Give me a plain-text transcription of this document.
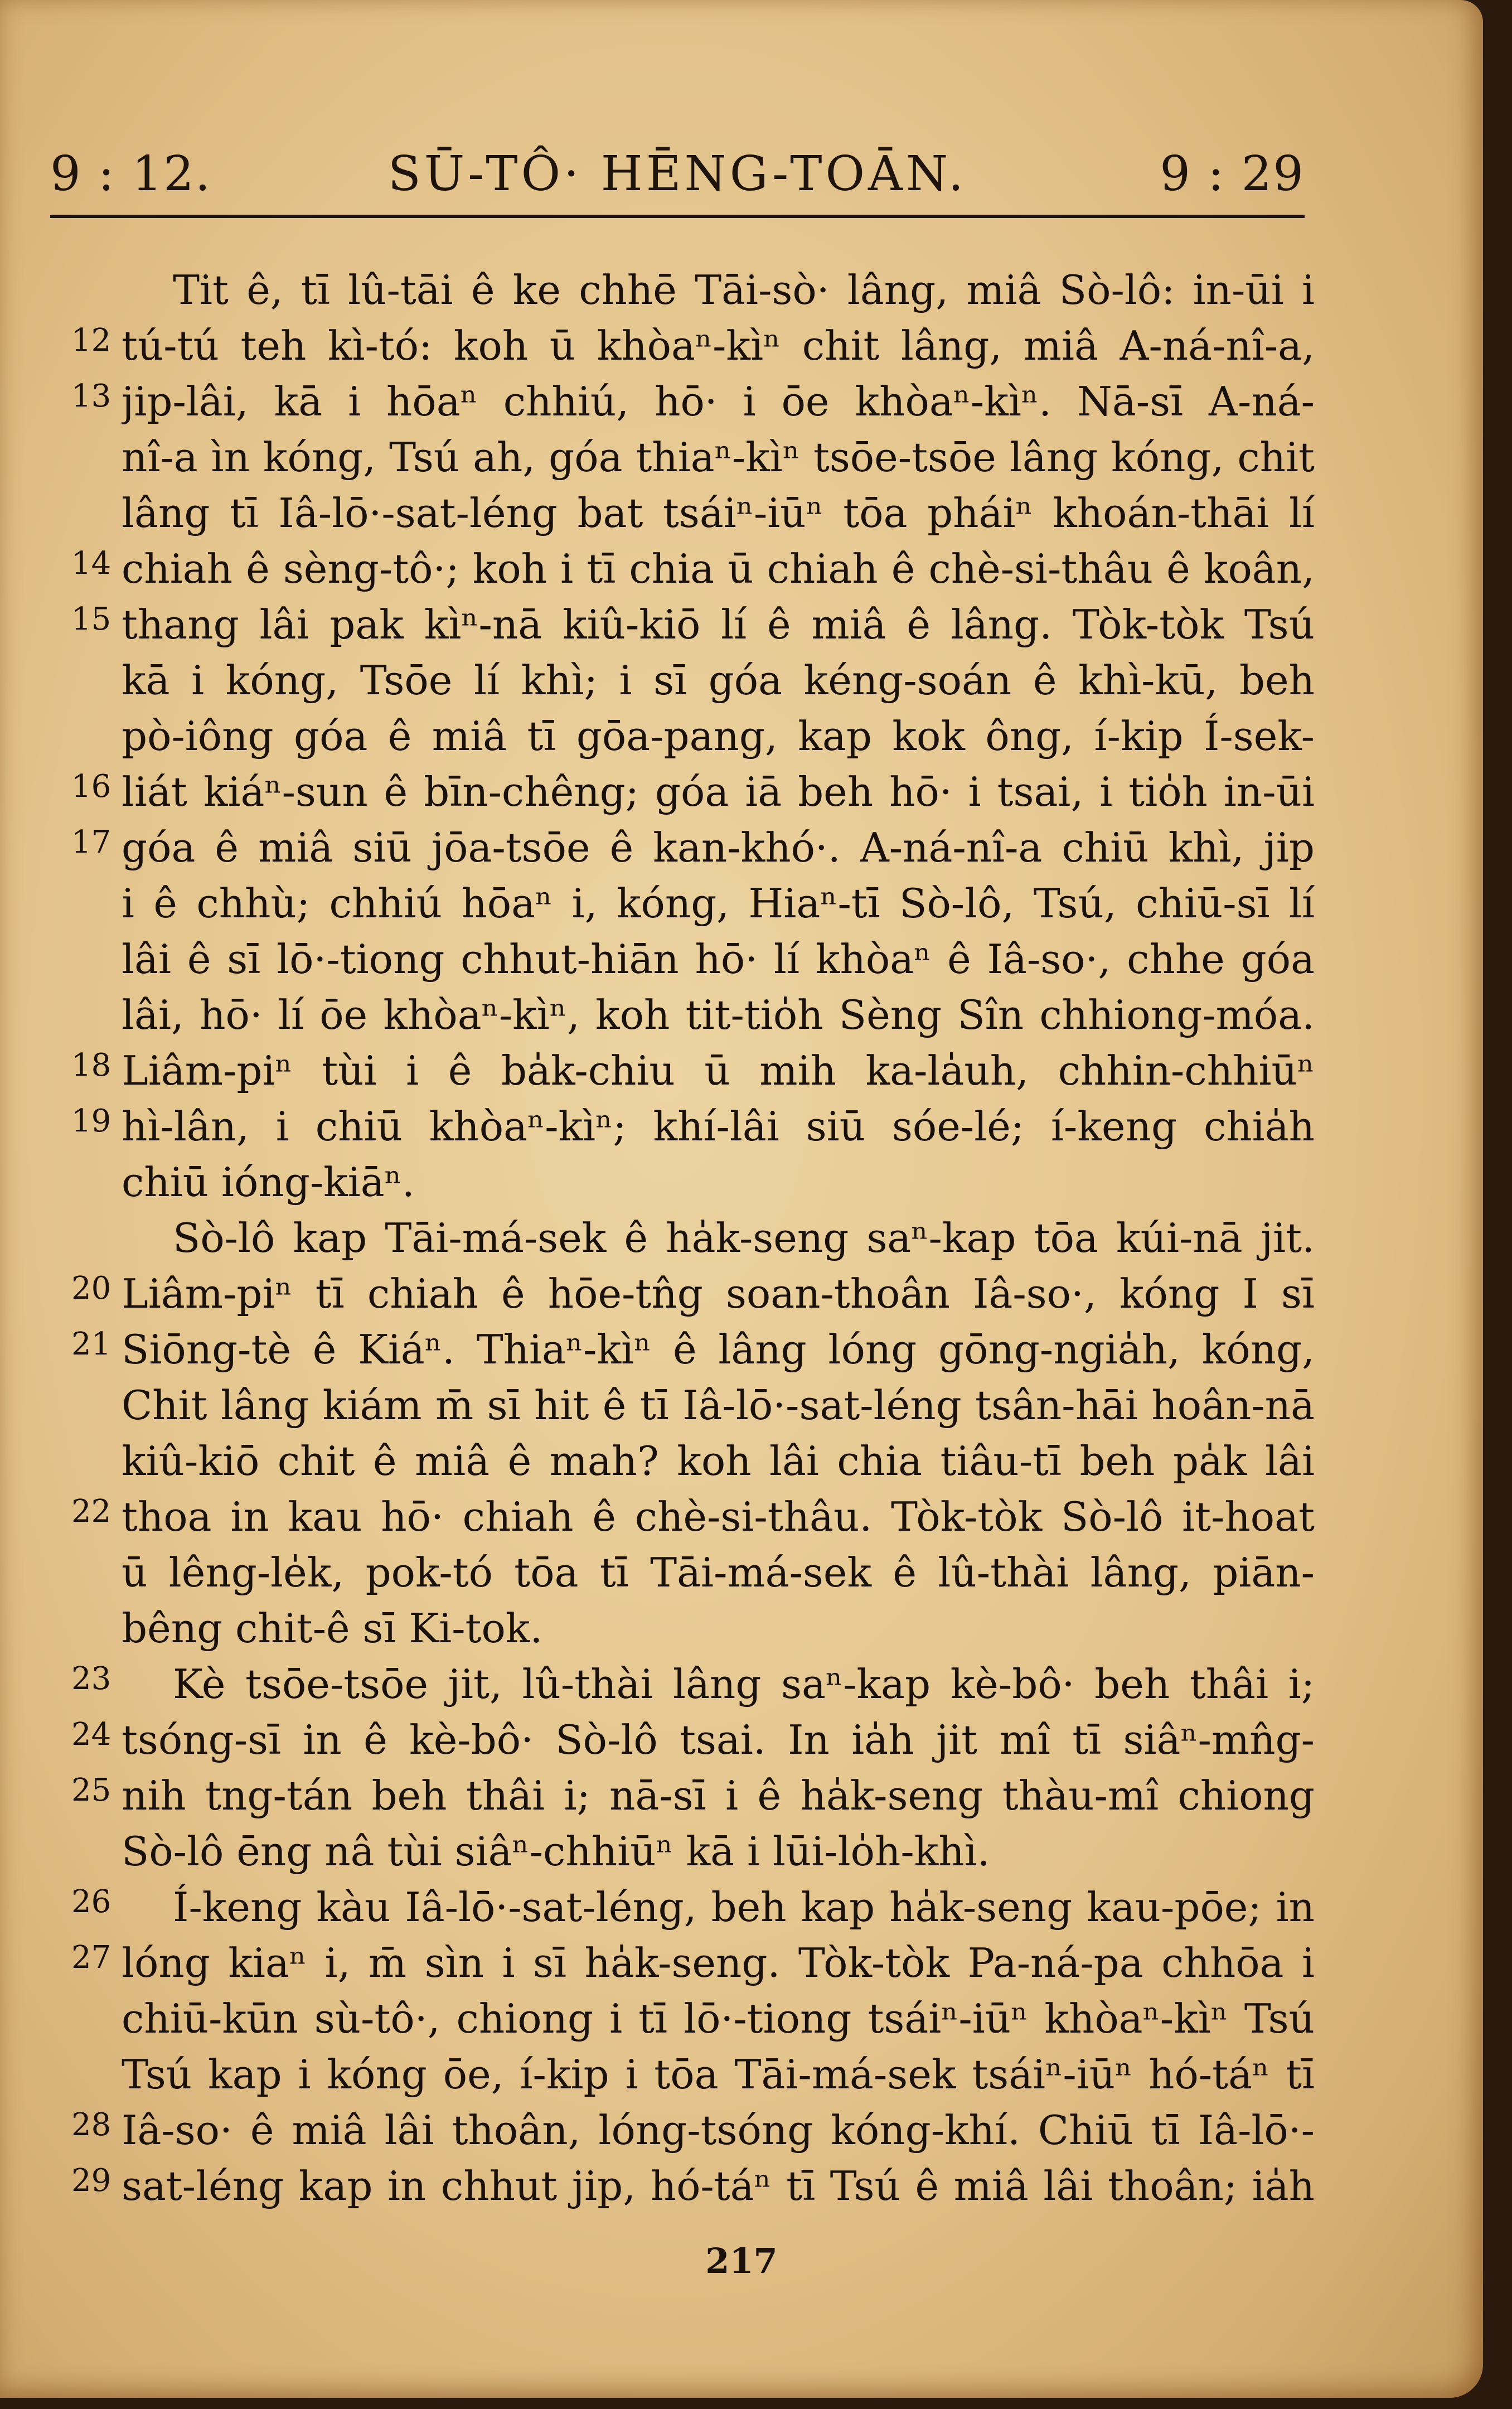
9 : 12.	SŪ-TÔ· HĒNG-TOĀN.	9 : 29
Tit ê, tī lû-tāi ê ke chhē Tāi-sò· lâng, miâ Sò-lô: in-ūi i
12 tú-tú teh kì-tó: koh ū khòaⁿ-kìⁿ chit lâng, miâ A-ná-nî-a,
13 jip-lâi, kā i hōaⁿ chhiú, hō· i ōe khòaⁿ-kìⁿ. Nā-sī A-ná-
nî-a ìn kóng, Tsú ah, góa thiaⁿ-kìⁿ tsōe-tsōe lâng kóng, chit
lâng tī Iâ-lō·-sat-léng bat tsáiⁿ-iūⁿ tōa pháiⁿ khoán-thāi lí
14 chiah ê sèng-tô·; koh i tī chia ū chiah ê chè-si-thâu ê koân,
15 thang lâi pak kìⁿ-nā kiû-kiō lí ê miâ ê lâng. Tòk-tòk Tsú
kā i kóng, Tsōe lí khì; i sī góa kéng-soán ê khì-kū, beh
pò-iông góa ê miâ tī gōa-pang, kap kok ông, í-kip Í-sek-
16 liát kiáⁿ-sun ê bīn-chêng; góa iā beh hō· i tsai, i tio̍h in-ūi
17 góa ê miâ siū jōa-tsōe ê kan-khó·. A-ná-nî-a chiū khì, jip
i ê chhù; chhiú hōaⁿ i, kóng, Hiaⁿ-tī Sò-lô, Tsú, chiū-sī lí
lâi ê sī lō·-tiong chhut-hiān hō· lí khòaⁿ ê Iâ-so·, chhe góa
lâi, hō· lí ōe khòaⁿ-kìⁿ, koh tit-tio̍h Sèng Sîn chhiong-móa.
18 Liâm-piⁿ tùi i ê ba̍k-chiu ū mih ka-la̍uh, chhin-chhiūⁿ
19 hì-lân, i chiū khòaⁿ-kìⁿ; khí-lâi siū sóe-lé; í-keng chia̍h
chiū ióng-kiāⁿ.
Sò-lô kap Tāi-má-sek ê ha̍k-seng saⁿ-kap tōa kúi-nā jit.
20 Liâm-piⁿ tī chiah ê hōe-tn̂g soan-thoân Iâ-so·, kóng I sī
21 Siōng-tè ê Kiáⁿ. Thiaⁿ-kìⁿ ê lâng lóng gōng-ngia̍h, kóng,
Chit lâng kiám m̄ sī hit ê tī Iâ-lō·-sat-léng tsân-hāi hoân-nā
kiû-kiō chit ê miâ ê mah? koh lâi chia tiâu-tī beh pa̍k lâi
22 thoa in kau hō· chiah ê chè-si-thâu. Tòk-tòk Sò-lô it-hoat
ū lêng-le̍k, pok-tó tōa tī Tāi-má-sek ê lû-thài lâng, piān-
bêng chit-ê sī Ki-tok.
23 Kè tsōe-tsōe jit, lû-thài lâng saⁿ-kap kè-bô· beh thâi i;
24 tsóng-sī in ê kè-bô· Sò-lô tsai. In ia̍h jit mî tī siâⁿ-mn̂g-
25 nih tng-tán beh thâi i; nā-sī i ê ha̍k-seng thàu-mî chiong
Sò-lô ēng nâ tùi siâⁿ-chhiūⁿ kā i lūi-lo̍h-khì.
26 Í-keng kàu Iâ-lō·-sat-léng, beh kap ha̍k-seng kau-pōe; in
27 lóng kiaⁿ i, m̄ sìn i sī ha̍k-seng. Tòk-tòk Pa-ná-pa chhōa i
chiū-kūn sù-tô·, chiong i tī lō·-tiong tsáiⁿ-iūⁿ khòaⁿ-kìⁿ Tsú
Tsú kap i kóng ōe, í-kip i tōa Tāi-má-sek tsáiⁿ-iūⁿ hó-táⁿ tī
28 Iâ-so· ê miâ lâi thoân, lóng-tsóng kóng-khí. Chiū tī Iâ-lō·-
29 sat-léng kap in chhut jip, hó-táⁿ tī Tsú ê miâ lâi thoân; ia̍h
217
